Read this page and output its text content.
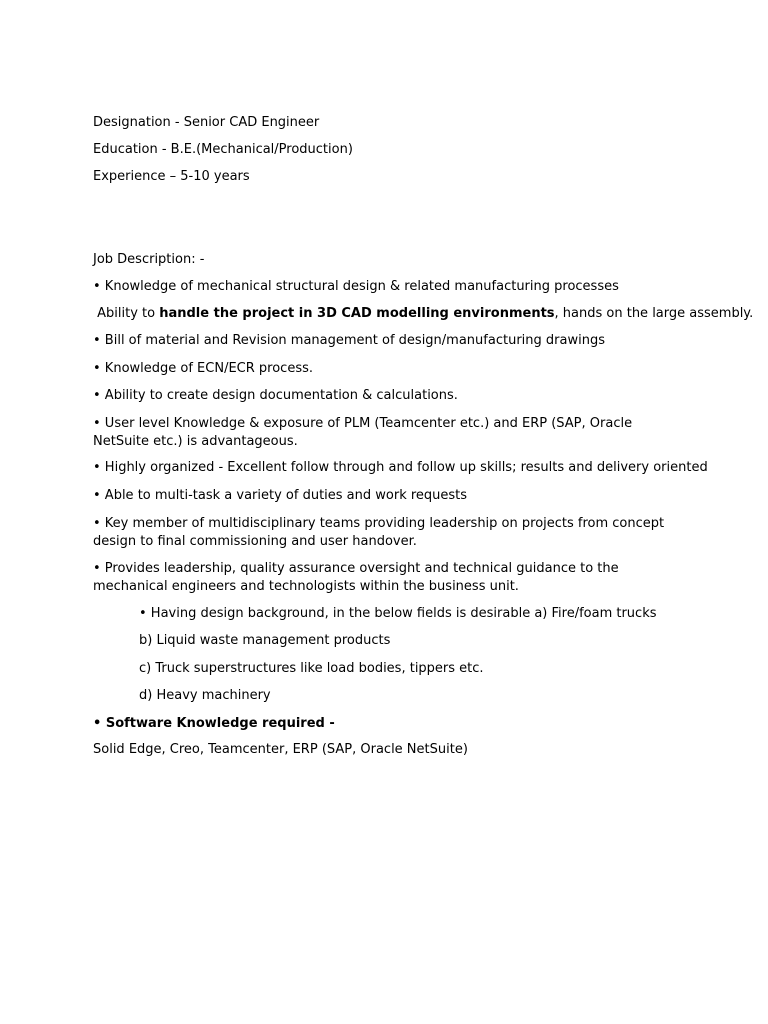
Designation - Senior CAD Engineer
Education - B.E.(Mechanical/Production)
Experience – 5-10 years
Job Description: -
• Knowledge of mechanical structural design & related manufacturing processes
Ability to handle the project in 3D CAD modelling environments, hands on the large assembly.
• Bill of material and Revision management of design/manufacturing drawings
• Knowledge of ECN/ECR process.
• Ability to create design documentation & calculations.
• User level Knowledge & exposure of PLM (Teamcenter etc.) and ERP (SAP, Oracle NetSuite etc.) is advantageous.
• Highly organized - Excellent follow through and follow up skills; results and delivery oriented
• Able to multi-task a variety of duties and work requests
• Key member of multidisciplinary teams providing leadership on projects from concept design to final commissioning and user handover.
• Provides leadership, quality assurance oversight and technical guidance to the mechanical engineers and technologists within the business unit.
• Having design background, in the below fields is desirable a) Fire/foam trucks
b) Liquid waste management products
c) Truck superstructures like load bodies, tippers etc.
d) Heavy machinery
• Software Knowledge required -
Solid Edge, Creo, Teamcenter, ERP (SAP, Oracle NetSuite)
